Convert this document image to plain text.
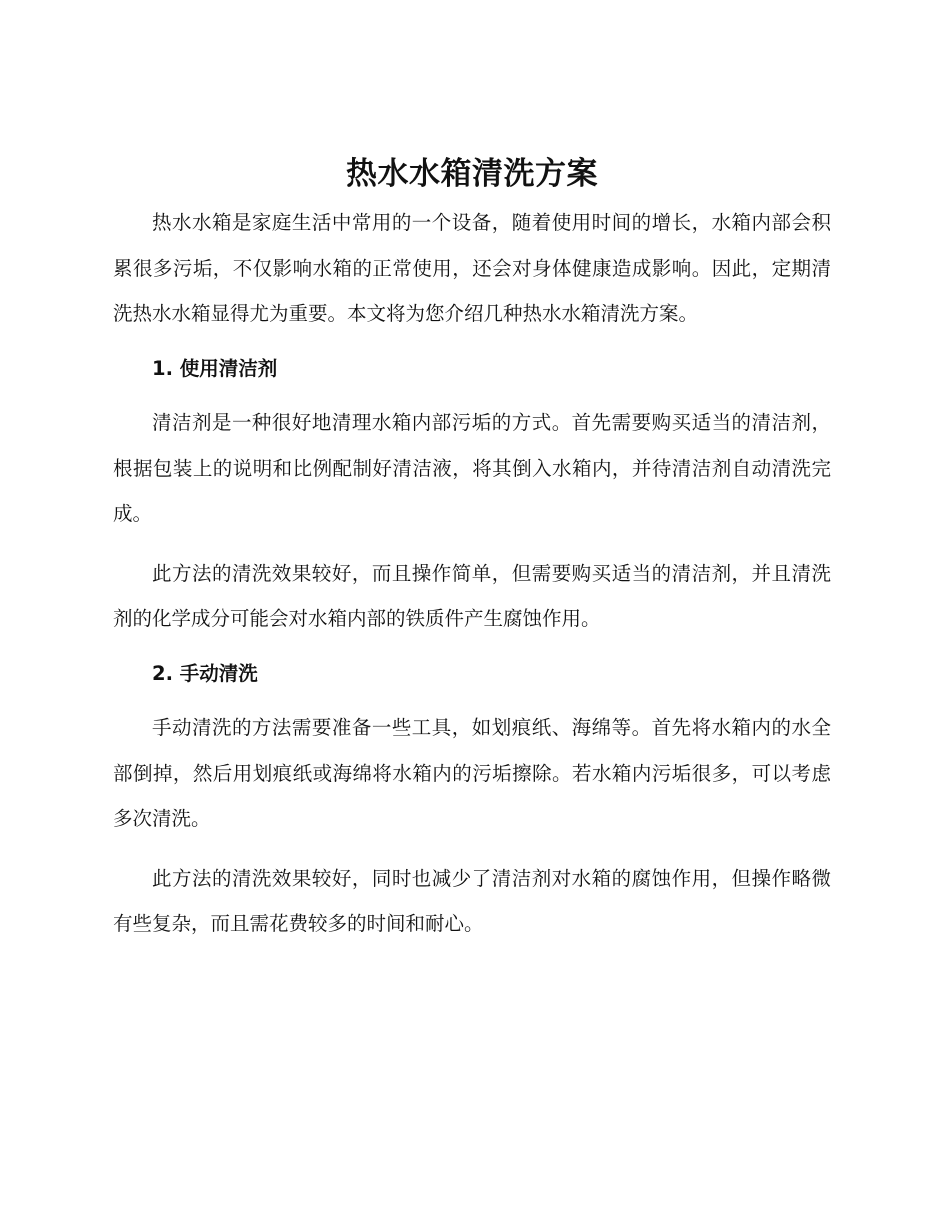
热水水箱清洗方案

热水水箱是家庭生活中常用的一个设备，随着使用时间的增长，水箱内部会积累很多污垢，不仅影响水箱的正常使用，还会对身体健康造成影响。因此，定期清洗热水水箱显得尤为重要。本文将为您介绍几种热水水箱清洗方案。

1. 使用清洁剂

清洁剂是一种很好地清理水箱内部污垢的方式。首先需要购买适当的清洁剂，根据包装上的说明和比例配制好清洁液，将其倒入水箱内，并待清洁剂自动清洗完成。

此方法的清洗效果较好，而且操作简单，但需要购买适当的清洁剂，并且清洗剂的化学成分可能会对水箱内部的铁质件产生腐蚀作用。

2. 手动清洗

手动清洗的方法需要准备一些工具，如划痕纸、海绵等。首先将水箱内的水全部倒掉，然后用划痕纸或海绵将水箱内的污垢擦除。若水箱内污垢很多，可以考虑多次清洗。

此方法的清洗效果较好，同时也减少了清洁剂对水箱的腐蚀作用，但操作略微有些复杂，而且需花费较多的时间和耐心。
